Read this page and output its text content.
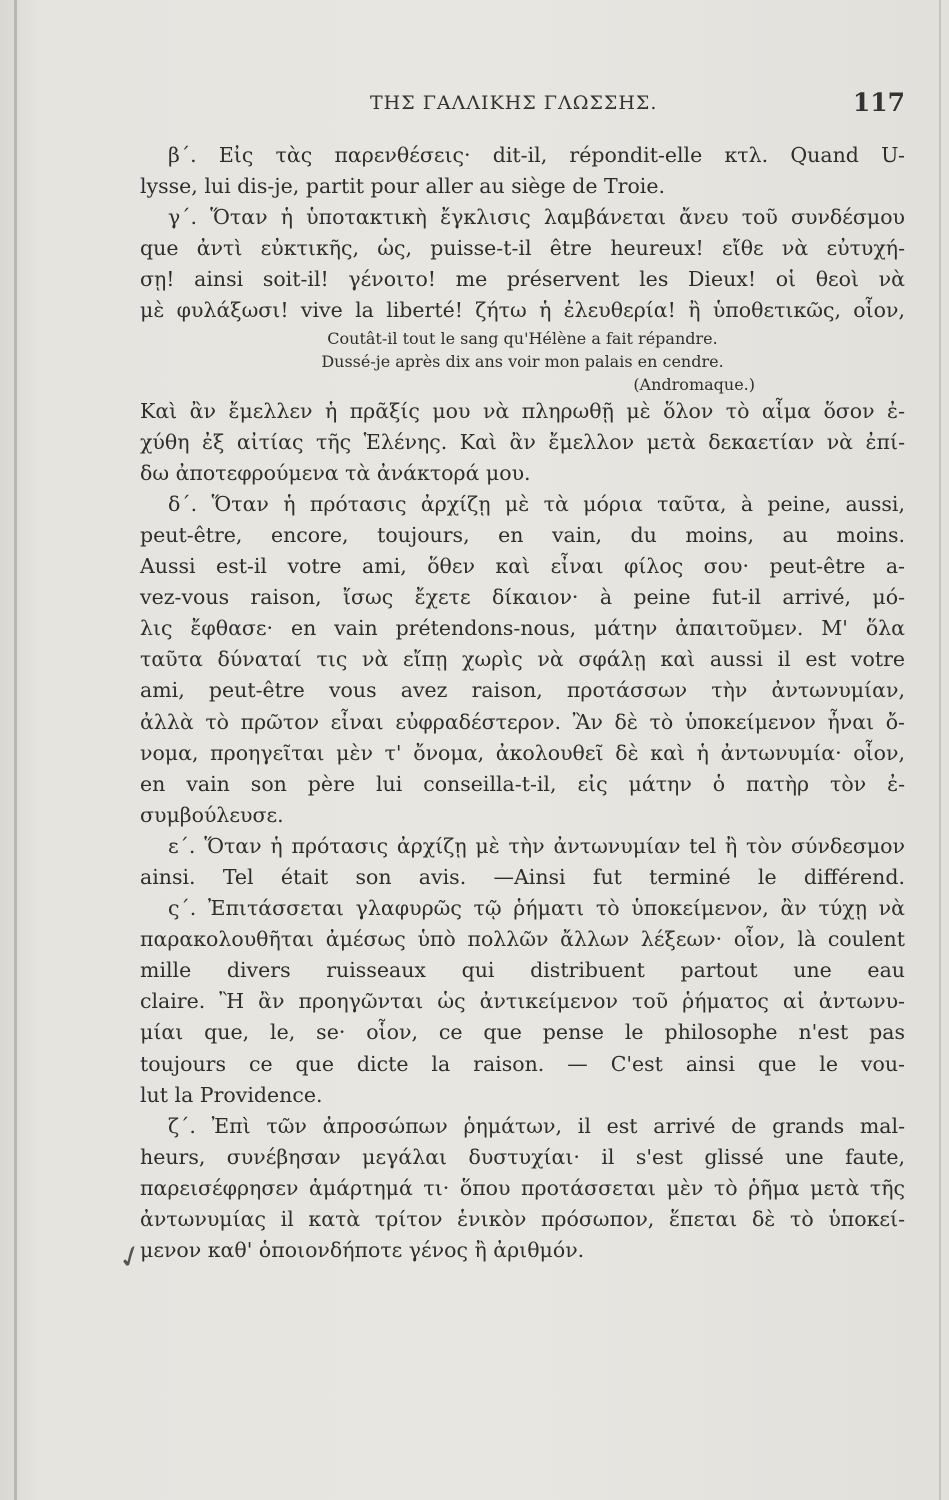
ΤΗΣ ΓΑΛΛΙΚΗΣ ΓΛΩΣΣΗΣ.	117
β΄. Εἰς τὰς παρενθέσεις· dit-il, répondit-elle κτλ. Quand U-
lysse, lui dis-je, partit pour aller au siège de Troie.
γ΄. Ὅταν ἡ ὑποτακτικὴ ἔγκλισις λαμβάνεται ἄνευ τοῦ συνδέσμου
que ἀντὶ εὐκτικῆς, ὡς, puisse-t-il être heureux! εἴθε νὰ εὐτυχή-
σῃ! ainsi soit-il! γένοιτο! me préservent les Dieux! οἱ θεοὶ νὰ
μὲ φυλάξωσι! vive la liberté! ζήτω ἡ ἐλευθερία! ἢ ὑποθετικῶς, οἷον,
Coutât-il tout le sang qu'Hélène a fait répandre.
Dussé-je après dix ans voir mon palais en cendre.
(Andromaque.)
Καὶ ἂν ἔμελλεν ἡ πρᾶξίς μου νὰ πληρωθῇ μὲ ὅλον τὸ αἷμα ὅσον ἐ-
χύθη ἐξ αἰτίας τῆς Ἑλένης. Καὶ ἂν ἔμελλον μετὰ δεκαετίαν νὰ ἐπί-
δω ἀποτεφρούμενα τὰ ἀνάκτορά μου.
δ΄. Ὅταν ἡ πρότασις ἀρχίζῃ μὲ τὰ μόρια ταῦτα, à peine, aussi,
peut-être, encore, toujours, en vain, du moins, au moins.
Aussi est-il votre ami, ὅθεν καὶ εἶναι φίλος σου· peut-être a-
vez-vous raison, ἴσως ἔχετε δίκαιον· à peine fut-il arrivé, μό-
λις ἔφθασε· en vain prétendons-nous, μάτην ἀπαιτοῦμεν. Μ' ὅλα
ταῦτα δύναταί τις νὰ εἴπῃ χωρὶς νὰ σφάλῃ καὶ aussi il est votre
ami, peut-être vous avez raison, προτάσσων τὴν ἀντωνυμίαν,
ἀλλὰ τὸ πρῶτον εἶναι εὐφραδέστερον. Ἂν δὲ τὸ ὑποκείμενον ἦναι ὄ-
νομα, προηγεῖται μὲν τ' ὄνομα, ἀκολουθεῖ δὲ καὶ ἡ ἀντωνυμία· οἷον,
en vain son père lui conseilla-t-il, εἰς μάτην ὁ πατὴρ τὸν ἐ-
συμβούλευσε.
ε΄. Ὅταν ἡ πρότασις ἀρχίζῃ μὲ τὴν ἀντωνυμίαν tel ἢ τὸν σύνδεσμον
ainsi. Tel était son avis. —Ainsi fut terminé le différend.
ς΄. Ἐπιτάσσεται γλαφυρῶς τῷ ῥήματι τὸ ὑποκείμενον, ἂν τύχῃ νὰ
παρακολουθῆται ἀμέσως ὑπὸ πολλῶν ἄλλων λέξεων· οἷον, là coulent
mille divers ruisseaux qui distribuent partout une eau
claire. Ἢ ἂν προηγῶνται ὡς ἀντικείμενον τοῦ ῥήματος αἱ ἀντωνυ-
μίαι que, le, se· οἷον, ce que pense le philosophe n'est pas
toujours ce que dicte la raison. — C'est ainsi que le vou-
lut la Providence.
ζ΄. Ἐπὶ τῶν ἀπροσώπων ῥημάτων, il est arrivé de grands mal-
heurs, συνέβησαν μεγάλαι δυστυχίαι· il s'est glissé une faute,
παρεισέφρησεν ἁμάρτημά τι· ὅπου προτάσσεται μὲν τὸ ῥῆμα μετὰ τῆς
ἀντωνυμίας il κατὰ τρίτον ἑνικὸν πρόσωπον, ἕπεται δὲ τὸ ὑποκεί-
μενον καθ' ὁποιονδήποτε γένος ἢ ἀριθμόν.
✓
